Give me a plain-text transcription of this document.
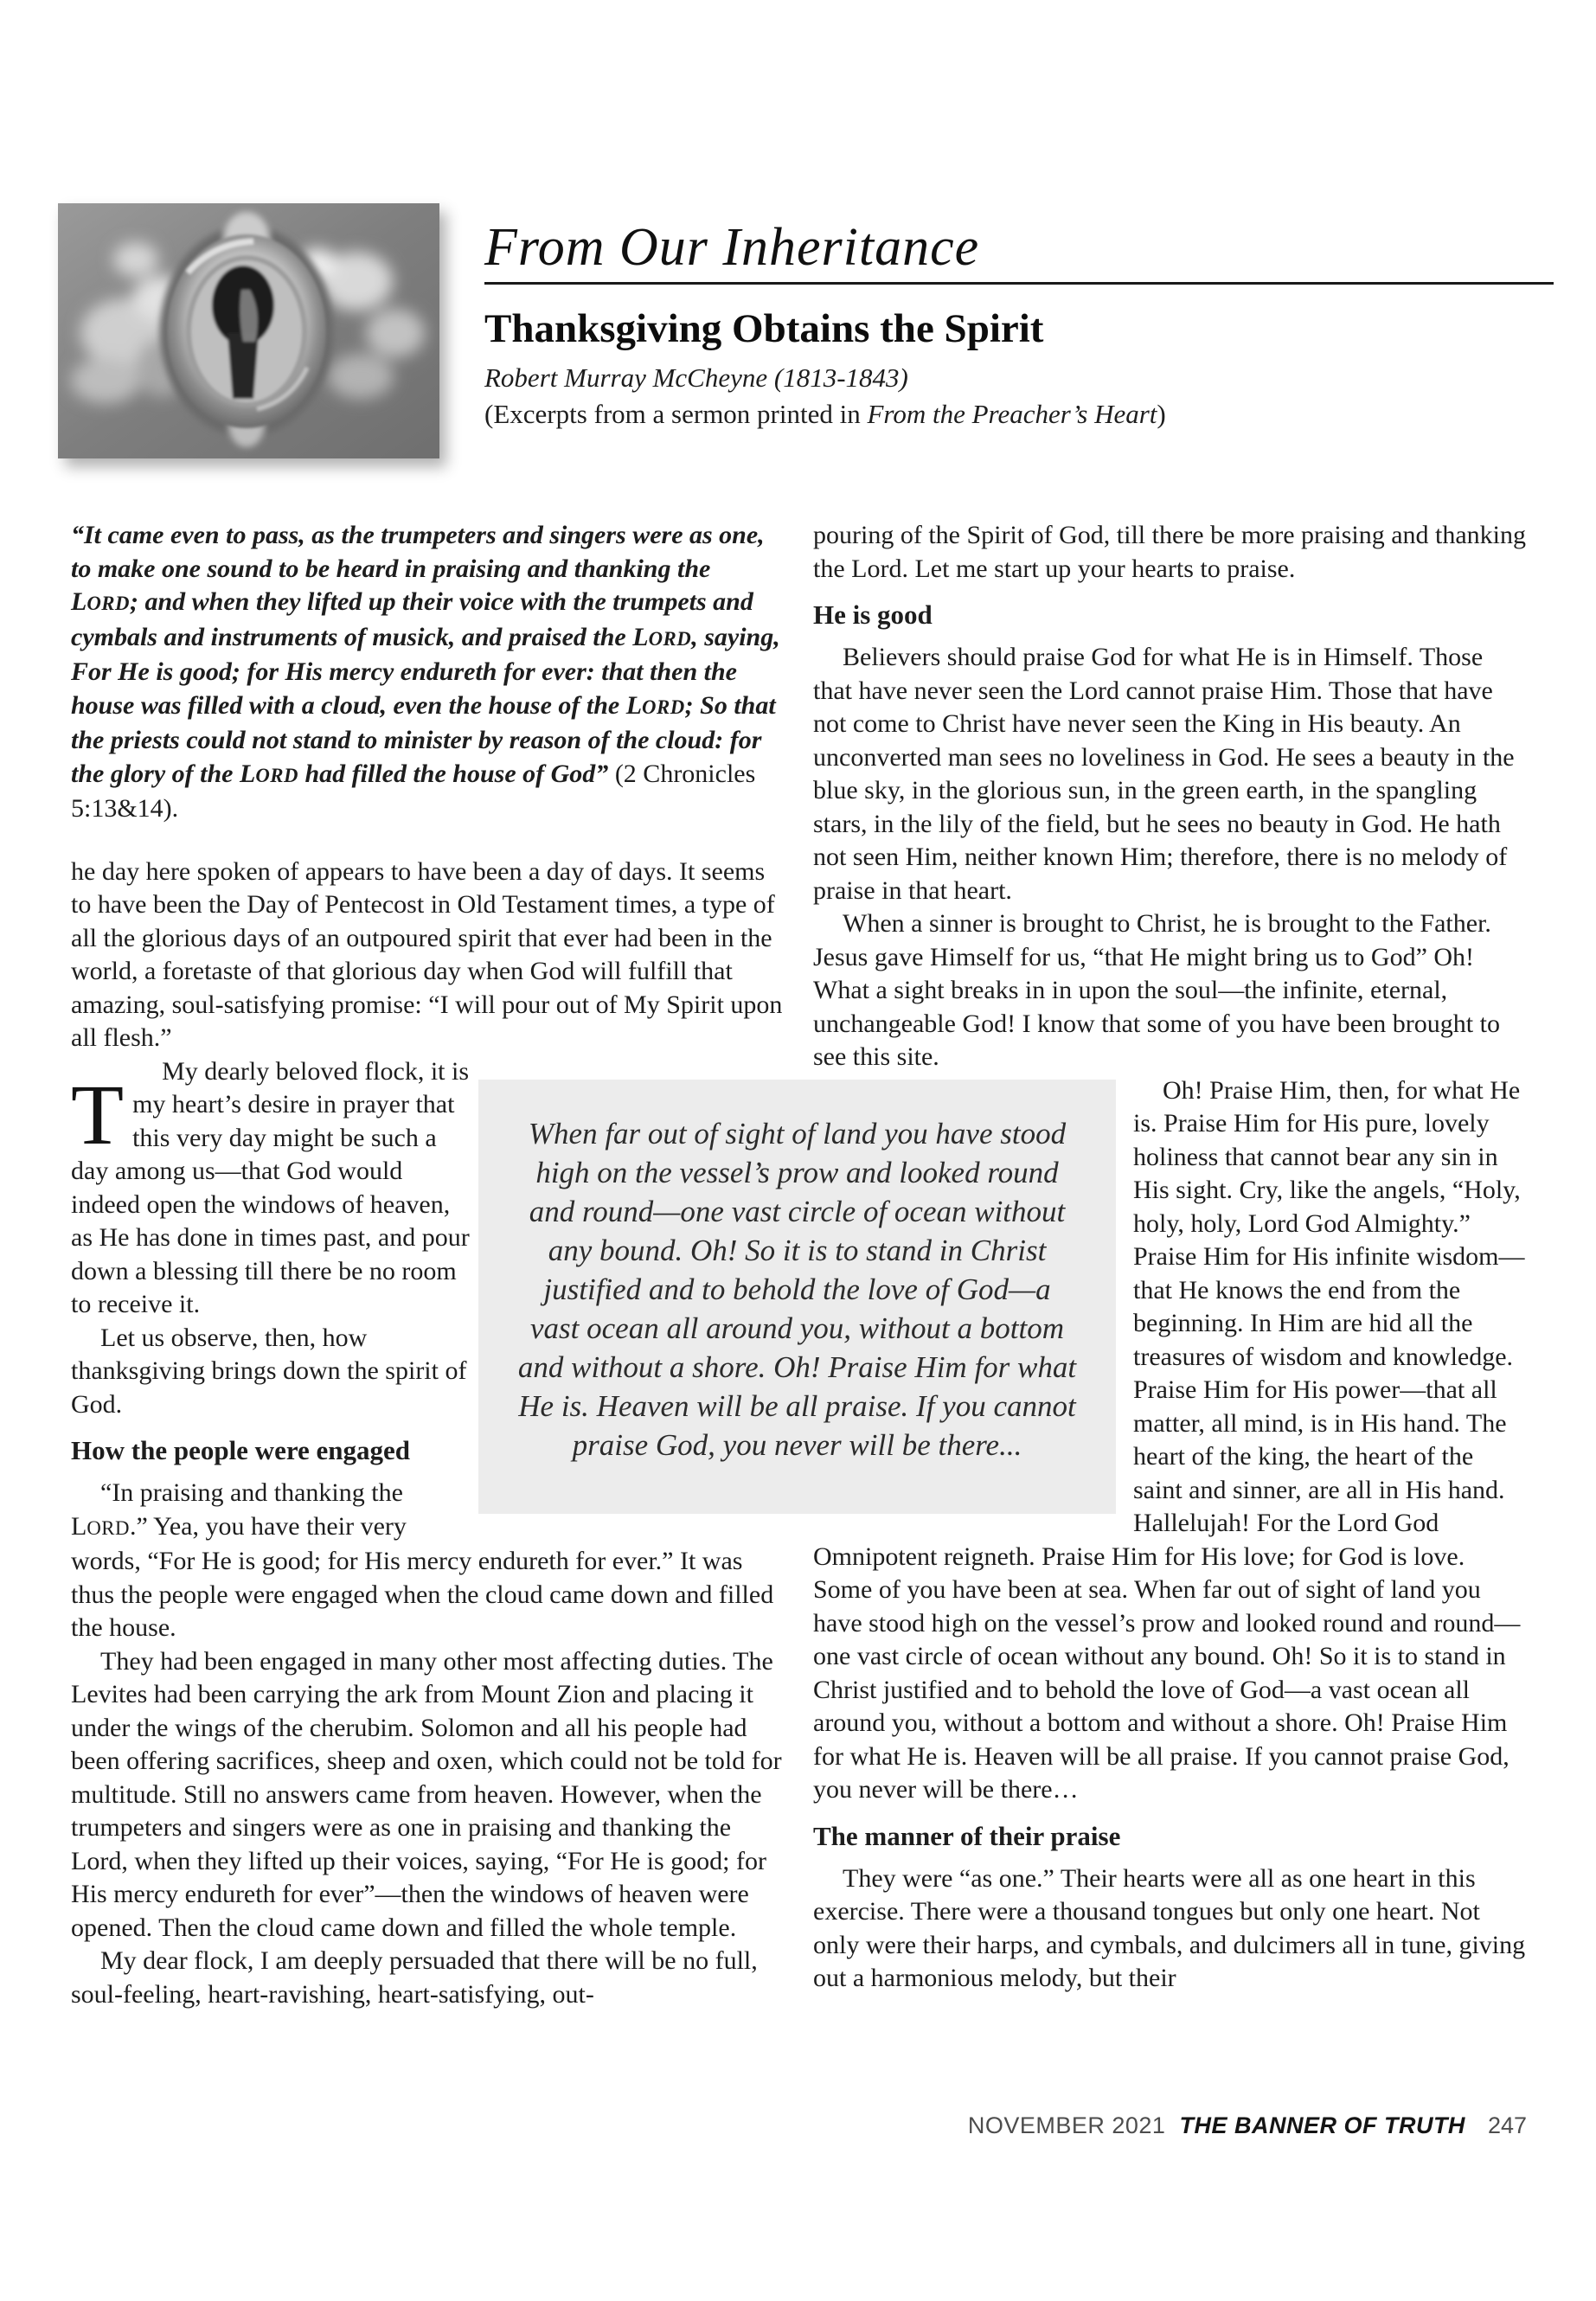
From Our Inheritance
Thanksgiving Obtains the Spirit
Robert Murray McCheyne (1813-1843)
(Excerpts from a sermon printed in From the Preacher’s Heart)

“It came even to pass, as the trumpeters and singers were as one, to make one sound to be heard in praising and thanking the LORD; and when they lifted up their voice with the trumpets and cymbals and instruments of musick, and praised the LORD, saying, For He is good; for His mercy endureth for ever: that then the house was filled with a cloud, even the house of the LORD; So that the priests could not stand to minister by reason of the cloud: for the glory of the LORD had filled the house of God” (2 Chronicles 5:13&14).

T
he day here spoken of appears to have been a day of days. It seems to have been the Day of Pentecost in Old Testament times, a type of all the glorious days of an outpoured spirit that ever had been in the world, a foretaste of that glorious day when God will fulfill that amazing, soul-satisfying promise: “I will pour out of My Spirit upon all flesh.”

My dearly beloved flock, it is my heart’s desire in prayer that this very day might be such a day among us—that God would indeed open the windows of heaven, as He has done in times past, and pour down a blessing till there be no room to receive it.

Let us observe, then, how thanksgiving brings down the spirit of God.

How the people were engaged

“In praising and thanking the LORD.” Yea, you have their very words, “For He is good; for His mercy endureth for ever.” It was thus the people were engaged when the cloud came down and filled the house.

They had been engaged in many other most affecting duties. The Levites had been carrying the ark from Mount Zion and placing it under the wings of the cherubim. Solomon and all his people had been offering sacrifices, sheep and oxen, which could not be told for multitude. Still no answers came from heaven. However, when the trumpeters and singers were as one in praising and thanking the Lord, when they lifted up their voices, saying, “For He is good; for His mercy endureth for ever”—then the windows of heaven were opened. Then the cloud came down and filled the whole temple.

My dear flock, I am deeply persuaded that there will be no full, soul-feeling, heart-ravishing, heart-satisfying, out-

When far out of sight of land you have stood high on the vessel’s prow and looked round and round—one vast circle of ocean without any bound. Oh! So it is to stand in Christ justified and to behold the love of God—a vast ocean all around you, without a bottom and without a shore. Oh! Praise Him for what He is. Heaven will be all praise. If you cannot praise God, you never will be there...

pouring of the Spirit of God, till there be more praising and thanking the Lord. Let me start up your hearts to praise.

He is good

Believers should praise God for what He is in Himself. Those that have never seen the Lord cannot praise Him. Those that have not come to Christ have never seen the King in His beauty. An unconverted man sees no loveliness in God. He sees a beauty in the blue sky, in the glorious sun, in the green earth, in the spangling stars, in the lily of the field, but he sees no beauty in God. He hath not seen Him, neither known Him; therefore, there is no melody of praise in that heart.

When a sinner is brought to Christ, he is brought to the Father. Jesus gave Himself for us, “that He might bring us to God” Oh! What a sight breaks in in upon the soul—the infinite, eternal, unchangeable God! I know that some of you have been brought to see this site.

Oh! Praise Him, then, for what He is. Praise Him for His pure, lovely holiness that cannot bear any sin in His sight. Cry, like the angels, “Holy, holy, holy, Lord God Almighty.” Praise Him for His infinite wisdom—that He knows the end from the beginning. In Him are hid all the treasures of wisdom and knowledge. Praise Him for His power—that all matter, all mind, is in His hand. The heart of the king, the heart of the saint and sinner, are all in His hand. Hallelujah! For the Lord God Omnipotent reigneth. Praise Him for His love; for God is love. Some of you have been at sea. When far out of sight of land you have stood high on the vessel’s prow and looked round and round—one vast circle of ocean without any bound. Oh! So it is to stand in Christ justified and to behold the love of God—a vast ocean all around you, without a bottom and without a shore. Oh! Praise Him for what He is. Heaven will be all praise. If you cannot praise God, you never will be there…

The manner of their praise

They were “as one.” Their hearts were all as one heart in this exercise. There were a thousand tongues but only one heart. Not only were their harps, and cymbals, and dulcimers all in tune, giving out a harmonious melody, but their

NOVEMBER 2021 THE BANNER OF TRUTH 247
